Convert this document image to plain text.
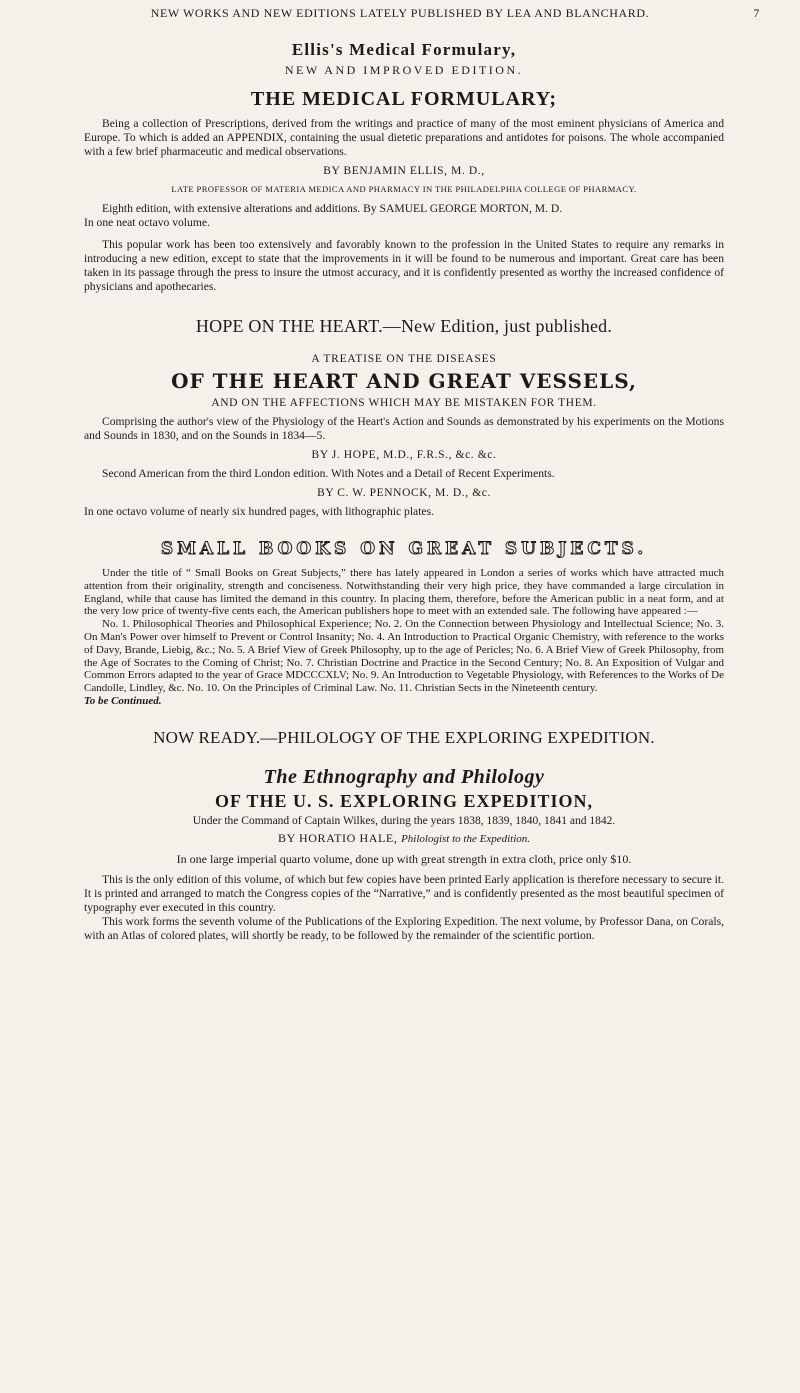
NEW WORKS AND NEW EDITIONS LATELY PUBLISHED BY LEA AND BLANCHARD.	7

Ellis's Medical Formulary,

NEW AND IMPROVED EDITION.

THE MEDICAL FORMULARY;

Being a collection of Prescriptions, derived from the writings and practice of many of the most eminent physicians of America and Europe. To which is added an APPENDIX, containing the usual dietetic preparations and antidotes for poisons. The whole accompanied with a few brief pharmaceutic and medical observations.

BY BENJAMIN ELLIS, M. D.,

LATE PROFESSOR OF MATERIA MEDICA AND PHARMACY IN THE PHILADELPHIA COLLEGE OF PHARMACY.

Eighth edition, with extensive alterations and additions. By SAMUEL GEORGE MORTON, M. D.

In one neat octavo volume.

This popular work has been too extensively and favorably known to the profession in the United States to require any remarks in introducing a new edition, except to state that the improvements in it will be found to be numerous and important. Great care has been taken in its passage through the press to insure the utmost accuracy, and it is confidently presented as worthy the increased confidence of physicians and apothecaries.

HOPE ON THE HEART.—New Edition, just published.

A TREATISE ON THE DISEASES

OF THE HEART AND GREAT VESSELS,

AND ON THE AFFECTIONS WHICH MAY BE MISTAKEN FOR THEM.

Comprising the author's view of the Physiology of the Heart's Action and Sounds as demonstrated by his experiments on the Motions and Sounds in 1830, and on the Sounds in 1834—5.

BY J. HOPE, M.D., F.R.S., &c. &c.

Second American from the third London edition. With Notes and a Detail of Recent Experiments.

BY C. W. PENNOCK, M. D., &c.

In one octavo volume of nearly six hundred pages, with lithographic plates.

SMALL BOOKS ON GREAT SUBJECTS.

Under the title of “ Small Books on Great Subjects,” there has lately appeared in London a series of works which have attracted much attention from their originality, strength and conciseness. Notwithstanding their very high price, they have commanded a large circulation in England, while that cause has limited the demand in this country. In placing them, therefore, before the American public in a neat form, and at the very low price of twenty-five cents each, the American publishers hope to meet with an extended sale. The following have appeared :—

No. 1. Philosophical Theories and Philosophical Experience; No. 2. On the Connection between Physiology and Intellectual Science; No. 3. On Man's Power over himself to Prevent or Control Insanity; No. 4. An Introduction to Practical Organic Chemistry, with reference to the works of Davy, Brande, Liebig, &c.; No. 5. A Brief View of Greek Philosophy, up to the age of Pericles; No. 6. A Brief View of Greek Philosophy, from the Age of Socrates to the Coming of Christ; No. 7. Christian Doctrine and Practice in the Second Century; No. 8. An Exposition of Vulgar and Common Errors adapted to the year of Grace MDCCCXLV; No. 9. An Introduction to Vegetable Physiology, with References to the Works of De Candolle, Lindley, &c. No. 10. On the Principles of Criminal Law. No. 11. Christian Sects in the Nineteenth century.

To be Continued.

NOW READY.—PHILOLOGY OF THE EXPLORING EXPEDITION.

The Ethnography and Philology

OF THE U. S. EXPLORING EXPEDITION,

Under the Command of Captain Wilkes, during the years 1838, 1839, 1840, 1841 and 1842.

BY HORATIO HALE, Philologist to the Expedition.

In one large imperial quarto volume, done up with great strength in extra cloth, price only $10.

This is the only edition of this volume, of which but few copies have been printed Early application is therefore necessary to secure it. It is printed and arranged to match the Congress copies of the “Narrative,” and is confidently presented as the most beautiful specimen of typography ever executed in this country.

This work forms the seventh volume of the Publications of the Exploring Expedition. The next volume, by Professor Dana, on Corals, with an Atlas of colored plates, will shortly be ready, to be followed by the remainder of the scientific portion.
